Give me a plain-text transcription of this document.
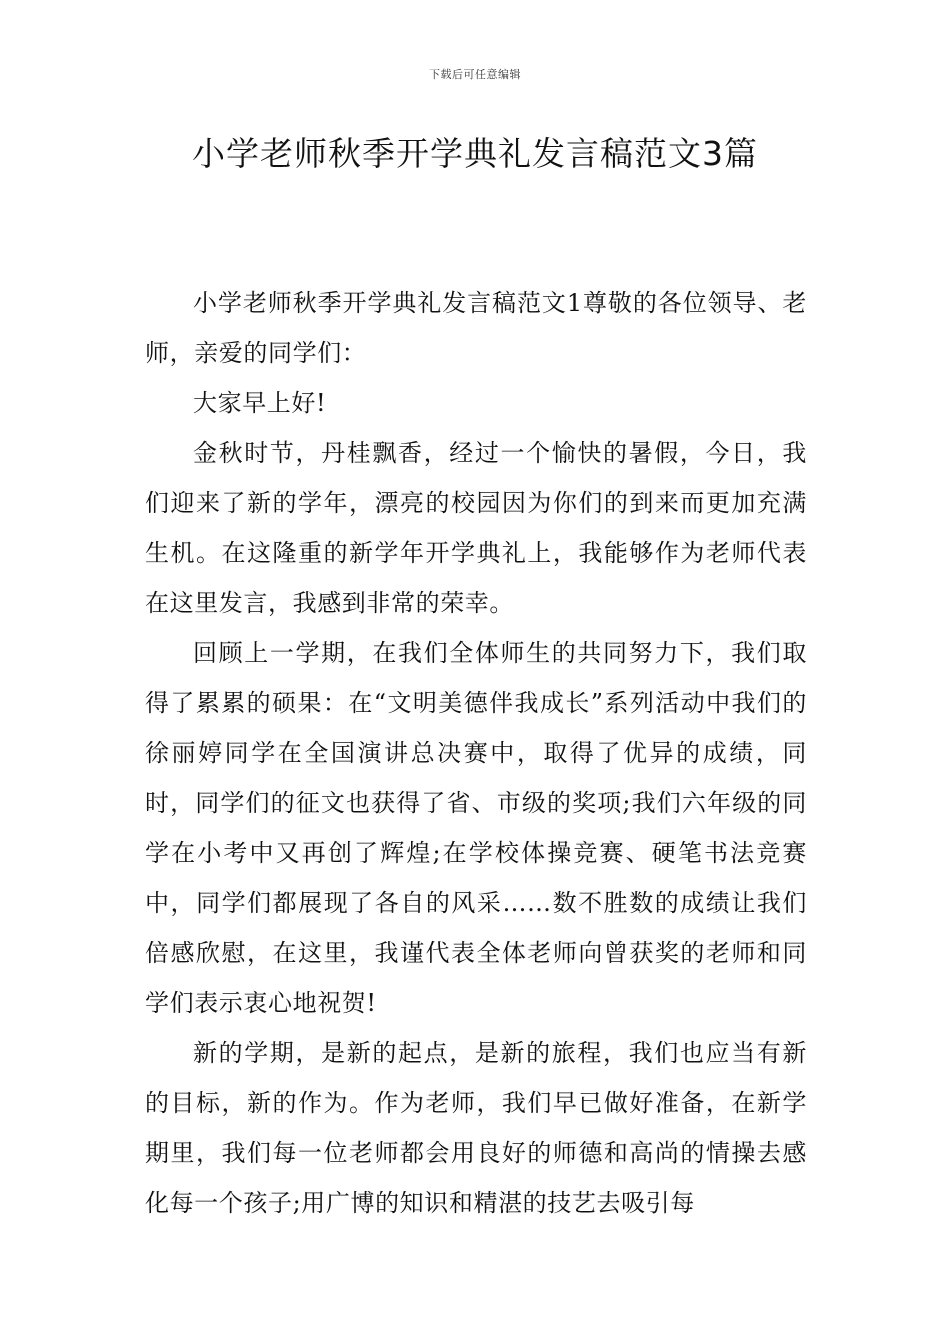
下载后可任意编辑
小学老师秋季开学典礼发言稿范文3篇

小学老师秋季开学典礼发言稿范文1尊敬的各位领导、老师，亲爱的同学们：

大家早上好!

金秋时节，丹桂飘香，经过一个愉快的暑假，今日，我们迎来了新的学年，漂亮的校园因为你们的到来而更加充满生机。在这隆重的新学年开学典礼上，我能够作为老师代表在这里发言，我感到非常的荣幸。

回顾上一学期，在我们全体师生的共同努力下，我们取得了累累的硕果：在“文明美德伴我成长”系列活动中我们的徐丽婷同学在全国演讲总决赛中，取得了优异的成绩，同时，同学们的征文也获得了省、市级的奖项;我们六年级的同学在小考中又再创了辉煌;在学校体操竞赛、硬笔书法竞赛中，同学们都展现了各自的风采……数不胜数的成绩让我们倍感欣慰，在这里，我谨代表全体老师向曾获奖的老师和同学们表示衷心地祝贺!

新的学期，是新的起点，是新的旅程，我们也应当有新的目标，新的作为。作为老师，我们早已做好准备，在新学期里，我们每一位老师都会用良好的师德和高尚的情操去感化每一个孩子;用广博的知识和精湛的技艺去吸引每
